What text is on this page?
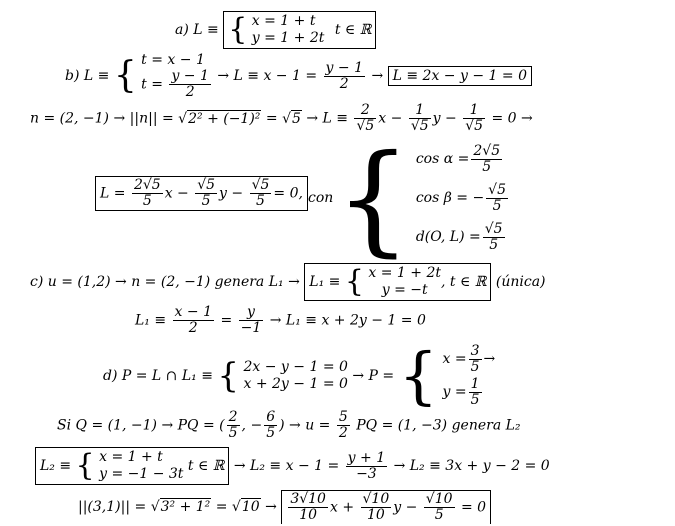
a) L ≡ { x = 1 + t
y = 1 + 2t t ∈ ℝ
b) L ≡ { t = x − 1
$t = \frac{y - 1}{2} \to L \equiv x - 1 = \frac{y - 1}{2} \to L \equiv 2x - y - 1 = 0$
n = (2, $-1) \to ||n|| = √2^2 + (-1)^2 = √5 \to L \equiv \frac{2}{√5}$ $x - \frac{1}{√5}$ $y - \frac{1}{√5} = 0$ →
$L = \frac{2√5}{5}$ $x - \frac{√5}{5}$ $y - \frac{√5}{5} = 0$, con { $\cos \alpha = \frac{2√5}{5}$
cos β = − $\frac{√5}{5}$
d(O, $L) = \frac{√5}{5}$
c) u = (1,2) → n = (2, −1) genera L₁ → L₁ ≡ { x = 1 + 2t
y = −t , t ∈ ℝ (única)
$L_1 \equiv \frac{x - 1}{2} = \frac{y}{-1} \to L_1 \equiv x + 2y - 1 = 0$
d) P = L ∩ L₁ ≡ { 2x − y − 1 = 0
x + 2y − 1 = 0 → P = { $x = \frac{3}{5}$ →
$y = \frac{1}{5}$
Si Q = (1, −1) → PQ = ( $\frac{2}{5}$ , − $\frac{6}{5}$ ) → $u = \frac{5}{2}$ PQ = (1, −3) genera L₂
L₂ ≡ { x = 1 + t
y = −1 − 3t t ∈ ℝ → $L_2 \equiv x - 1 = \frac{y + 1}{-3} \to L_2 \equiv 3x + y - 2 = 0$
$||(3,1)|| = √3^2 + 1^2 = √10 \to \frac{3√10}{10}$ $x + \frac{√10}{10}$ $y - \frac{√10}{5} = 0$
